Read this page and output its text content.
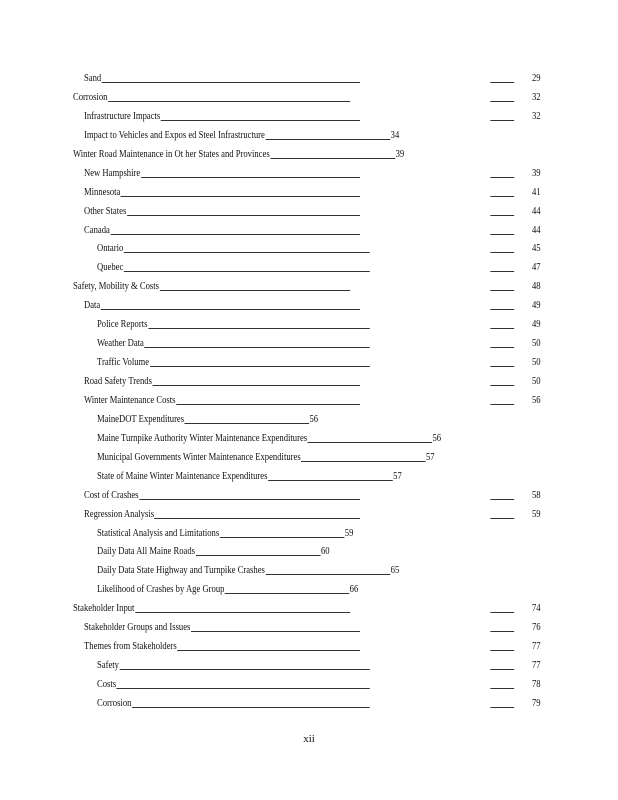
Sand	29
Corrosion	32
Infrastructure Impacts	32
Impact to Vehicles and Expos ed Steel Infrastructure	34
Winter Road Maintenance in Ot her States and Provinces	39
New Hampshire	39
Minnesota	41
Other States	44
Canada	44
Ontario	45
Quebec	47
Safety, Mobility & Costs	48
Data	49
Police Reports	49
Weather Data	50
Traffic Volume	50
Road Safety Trends	50
Winter Maintenance Costs	56
MaineDOT Expenditures	56
Maine Turnpike Authority Winter Maintenance Expenditures	56
Municipal Governments Winter Maintenance Expenditures	57
State of Maine Winter Maintenance Expenditures	57
Cost of Crashes	58
Regression Analysis	59
Statistical Analysis and Limitations	59
Daily Data All Maine Roads	60
Daily Data State Highway and Turnpike Crashes	65
Likelihood of Crashes by Age Group	66
Stakeholder Input	74
Stakeholder Groups and Issues	76
Themes from Stakeholders	77
Safety	77
Costs	78
Corrosion	79
xii
